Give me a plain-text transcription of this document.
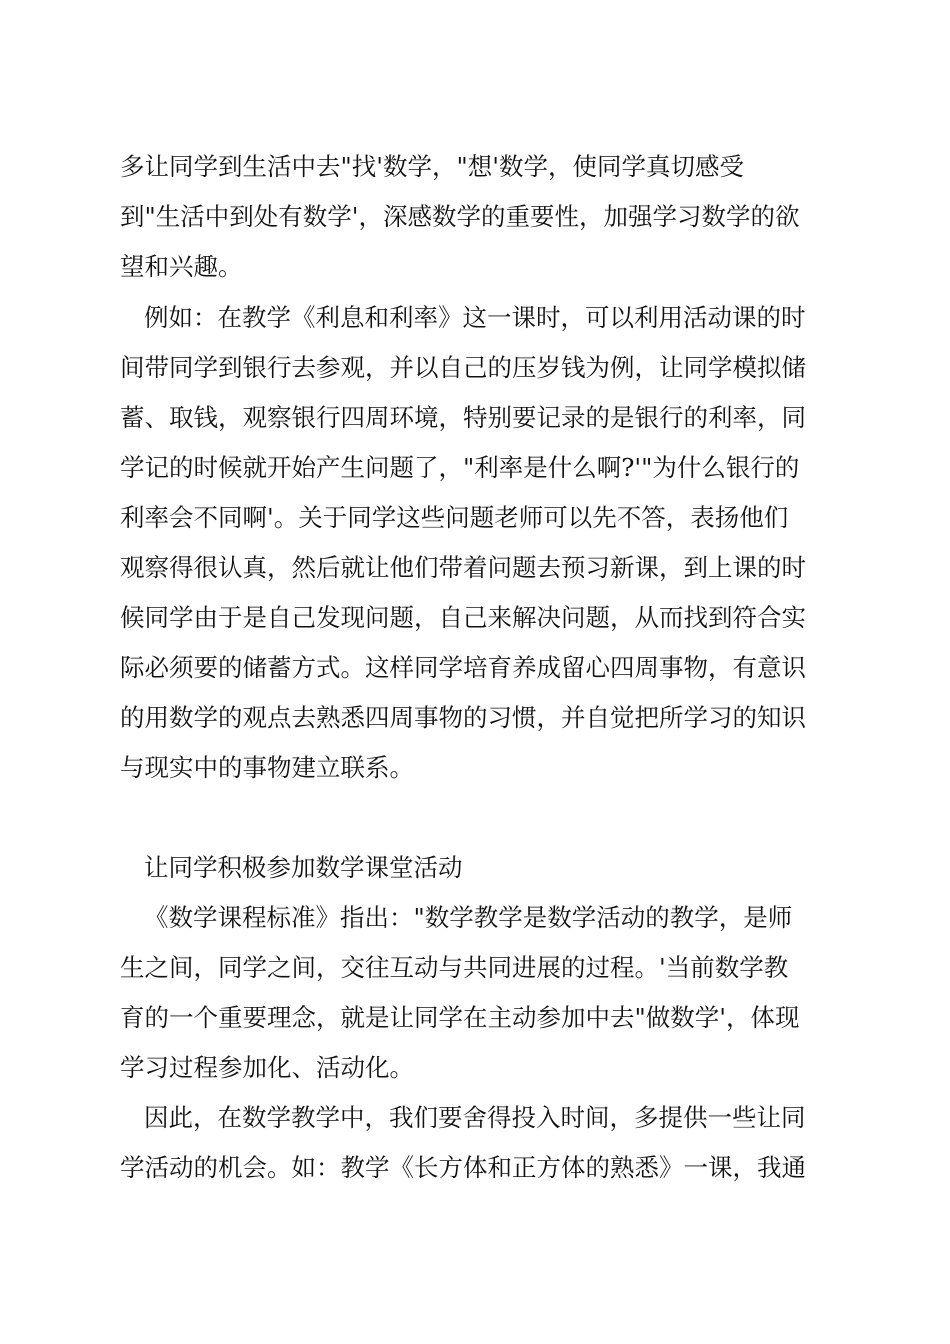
多让同学到生活中去"找'数学，"想'数学，使同学真切感受
到"生活中到处有数学'，深感数学的重要性，加强学习数学的欲
望和兴趣。
例如：在教学《利息和利率》这一课时，可以利用活动课的时
间带同学到银行去参观，并以自己的压岁钱为例，让同学模拟储
蓄、取钱，观察银行四周环境，特别要记录的是银行的利率，同
学记的时候就开始产生问题了，"利率是什么啊?'"为什么银行的
利率会不同啊'。关于同学这些问题老师可以先不答，表扬他们
观察得很认真，然后就让他们带着问题去预习新课，到上课的时
候同学由于是自己发现问题，自己来解决问题，从而找到符合实
际必须要的储蓄方式。这样同学培育养成留心四周事物，有意识
的用数学的观点去熟悉四周事物的习惯，并自觉把所学习的知识
与现实中的事物建立联系。
让同学积极参加数学课堂活动
《数学课程标准》指出："数学教学是数学活动的教学，是师
生之间，同学之间，交往互动与共同进展的过程。'当前数学教
育的一个重要理念，就是让同学在主动参加中去"做数学'，体现
学习过程参加化、活动化。
因此，在数学教学中，我们要舍得投入时间，多提供一些让同
学活动的机会。如：教学《长方体和正方体的熟悉》一课，我通
